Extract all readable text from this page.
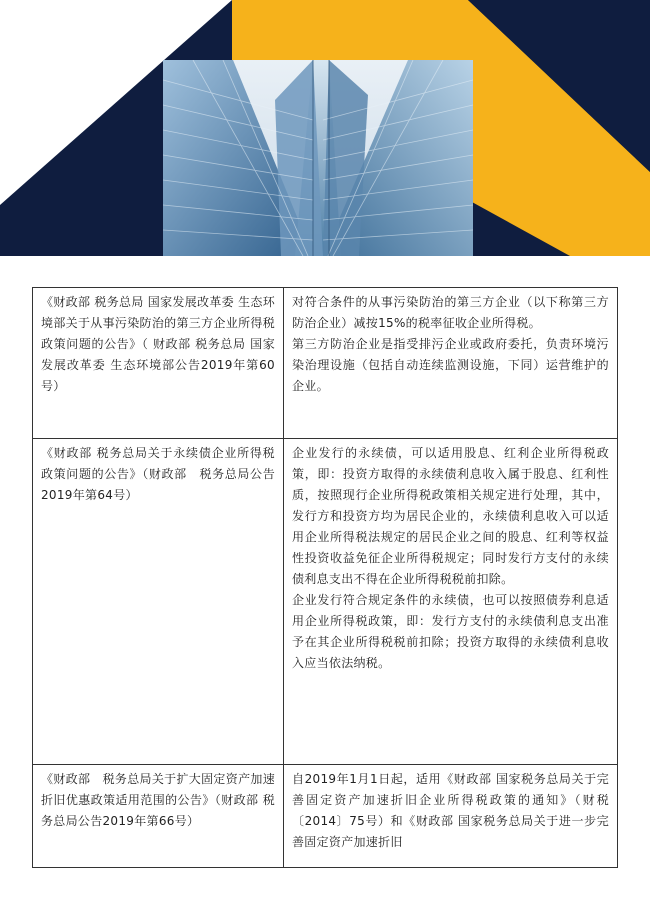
《财政部 税务总局 国家发展改革委 生态环境部关于从事污染防治的第三方企业所得税政策问题的公告》（ 财政部 税务总局 国家发展改革委 生态环境部公告2019年第60号）	对符合条件的从事污染防治的第三方企业（以下称第三方防治企业）减按15%的税率征收企业所得税。
第三方防治企业是指受排污企业或政府委托，负责环境污染治理设施（包括自动连续监测设施，下同）运营维护的企业。

《财政部 税务总局关于永续债企业所得税政策问题的公告》（财政部　税务总局公告2019年第64号）	企业发行的永续债，可以适用股息、红利企业所得税政策，即：投资方取得的永续债利息收入属于股息、红利性质，按照现行企业所得税政策相关规定进行处理，其中，发行方和投资方均为居民企业的，永续债利息收入可以适用企业所得税法规定的居民企业之间的股息、红利等权益性投资收益免征企业所得税规定；同时发行方支付的永续债利息支出不得在企业所得税税前扣除。
企业发行符合规定条件的永续债，也可以按照债券利息适用企业所得税政策，即：发行方支付的永续债利息支出准予在其企业所得税税前扣除；投资方取得的永续债利息收入应当依法纳税。

《财政部　税务总局关于扩大固定资产加速折旧优惠政策适用范围的公告》（财政部 税务总局公告2019年第66号）	自2019年1月1日起，适用《财政部 国家税务总局关于完善固定资产加速折旧企业所得税政策的通知》（财税〔2014〕75号）和《财政部 国家税务总局关于进一步完善固定资产加速折旧
